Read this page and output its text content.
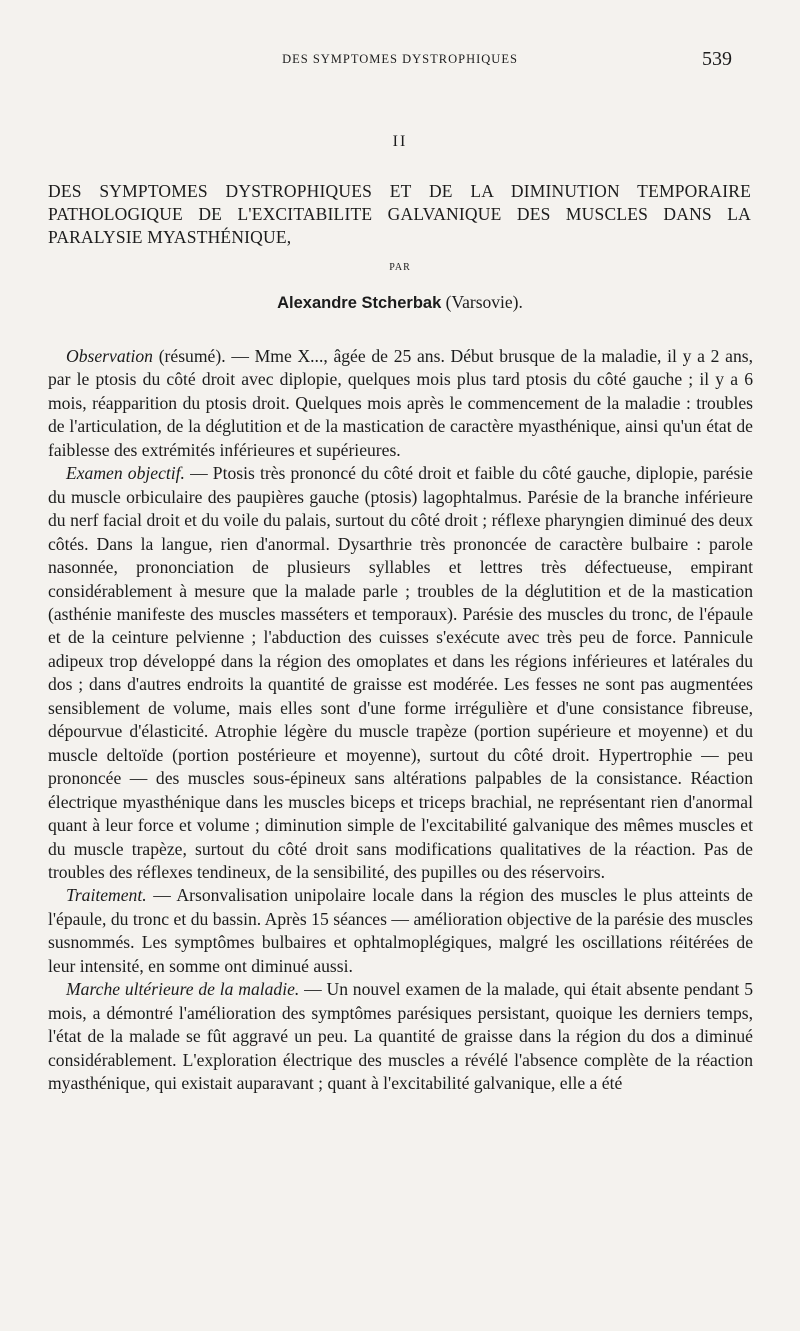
DES SYMPTOMES DYSTROPHIQUES	539
II
DES SYMPTOMES DYSTROPHIQUES ET DE LA DIMINUTION TEMPORAIRE PATHOLOGIQUE DE L'EXCITABILITE GALVANIQUE DES MUSCLES DANS LA PARALYSIE MYASTHÉNIQUE,
PAR
Alexandre Stcherbak (Varsovie).

Observation (résumé). — Mme X..., âgée de 25 ans. Début brusque de la maladie, il y a 2 ans, par le ptosis du côté droit avec diplopie, quelques mois plus tard ptosis du côté gauche ; il y a 6 mois, réapparition du ptosis droit. Quelques mois après le commencement de la maladie : troubles de l'articulation, de la déglutition et de la mastication de caractère myasthénique, ainsi qu'un état de faiblesse des extrémités inférieures et supérieures.

Examen objectif. — Ptosis très prononcé du côté droit et faible du côté gauche, diplopie, parésie du muscle orbiculaire des paupières gauche (ptosis) lagophtalmus. Parésie de la branche inférieure du nerf facial droit et du voile du palais, surtout du côté droit ; réflexe pharyngien diminué des deux côtés. Dans la langue, rien d'anormal. Dysarthrie très prononcée de caractère bulbaire : parole nasonnée, prononciation de plusieurs syllables et lettres très défectueuse, empirant considérablement à mesure que la malade parle ; troubles de la déglutition et de la mastication (asthénie manifeste des muscles masséters et temporaux). Parésie des muscles du tronc, de l'épaule et de la ceinture pelvienne ; l'abduction des cuisses s'exécute avec très peu de force. Pannicule adipeux trop développé dans la région des omoplates et dans les régions inférieures et latérales du dos ; dans d'autres endroits la quantité de graisse est modérée. Les fesses ne sont pas augmentées sensiblement de volume, mais elles sont d'une forme irrégulière et d'une consistance fibreuse, dépourvue d'élasticité. Atrophie légère du muscle trapèze (portion supérieure et moyenne) et du muscle deltoïde (portion postérieure et moyenne), surtout du côté droit. Hypertrophie — peu prononcée — des muscles sous-épineux sans altérations palpables de la consistance. Réaction électrique myasthénique dans les muscles biceps et triceps brachial, ne représentant rien d'anormal quant à leur force et volume ; diminution simple de l'excitabilité galvanique des mêmes muscles et du muscle trapèze, surtout du côté droit sans modifications qualitatives de la réaction. Pas de troubles des réflexes tendineux, de la sensibilité, des pupilles ou des réservoirs.

Traitement. — Arsonvalisation unipolaire locale dans la région des muscles le plus atteints de l'épaule, du tronc et du bassin. Après 15 séances — amélioration objective de la parésie des muscles susnommés. Les symptômes bulbaires et ophtalmoplégiques, malgré les oscillations réitérées de leur intensité, en somme ont diminué aussi.

Marche ultérieure de la maladie. — Un nouvel examen de la malade, qui était absente pendant 5 mois, a démontré l'amélioration des symptômes parésiques persistant, quoique les derniers temps, l'état de la malade se fût aggravé un peu. La quantité de graisse dans la région du dos a diminué considérablement. L'exploration électrique des muscles a révélé l'absence complète de la réaction myasthénique, qui existait auparavant ; quant à l'excitabilité galvanique, elle a été
